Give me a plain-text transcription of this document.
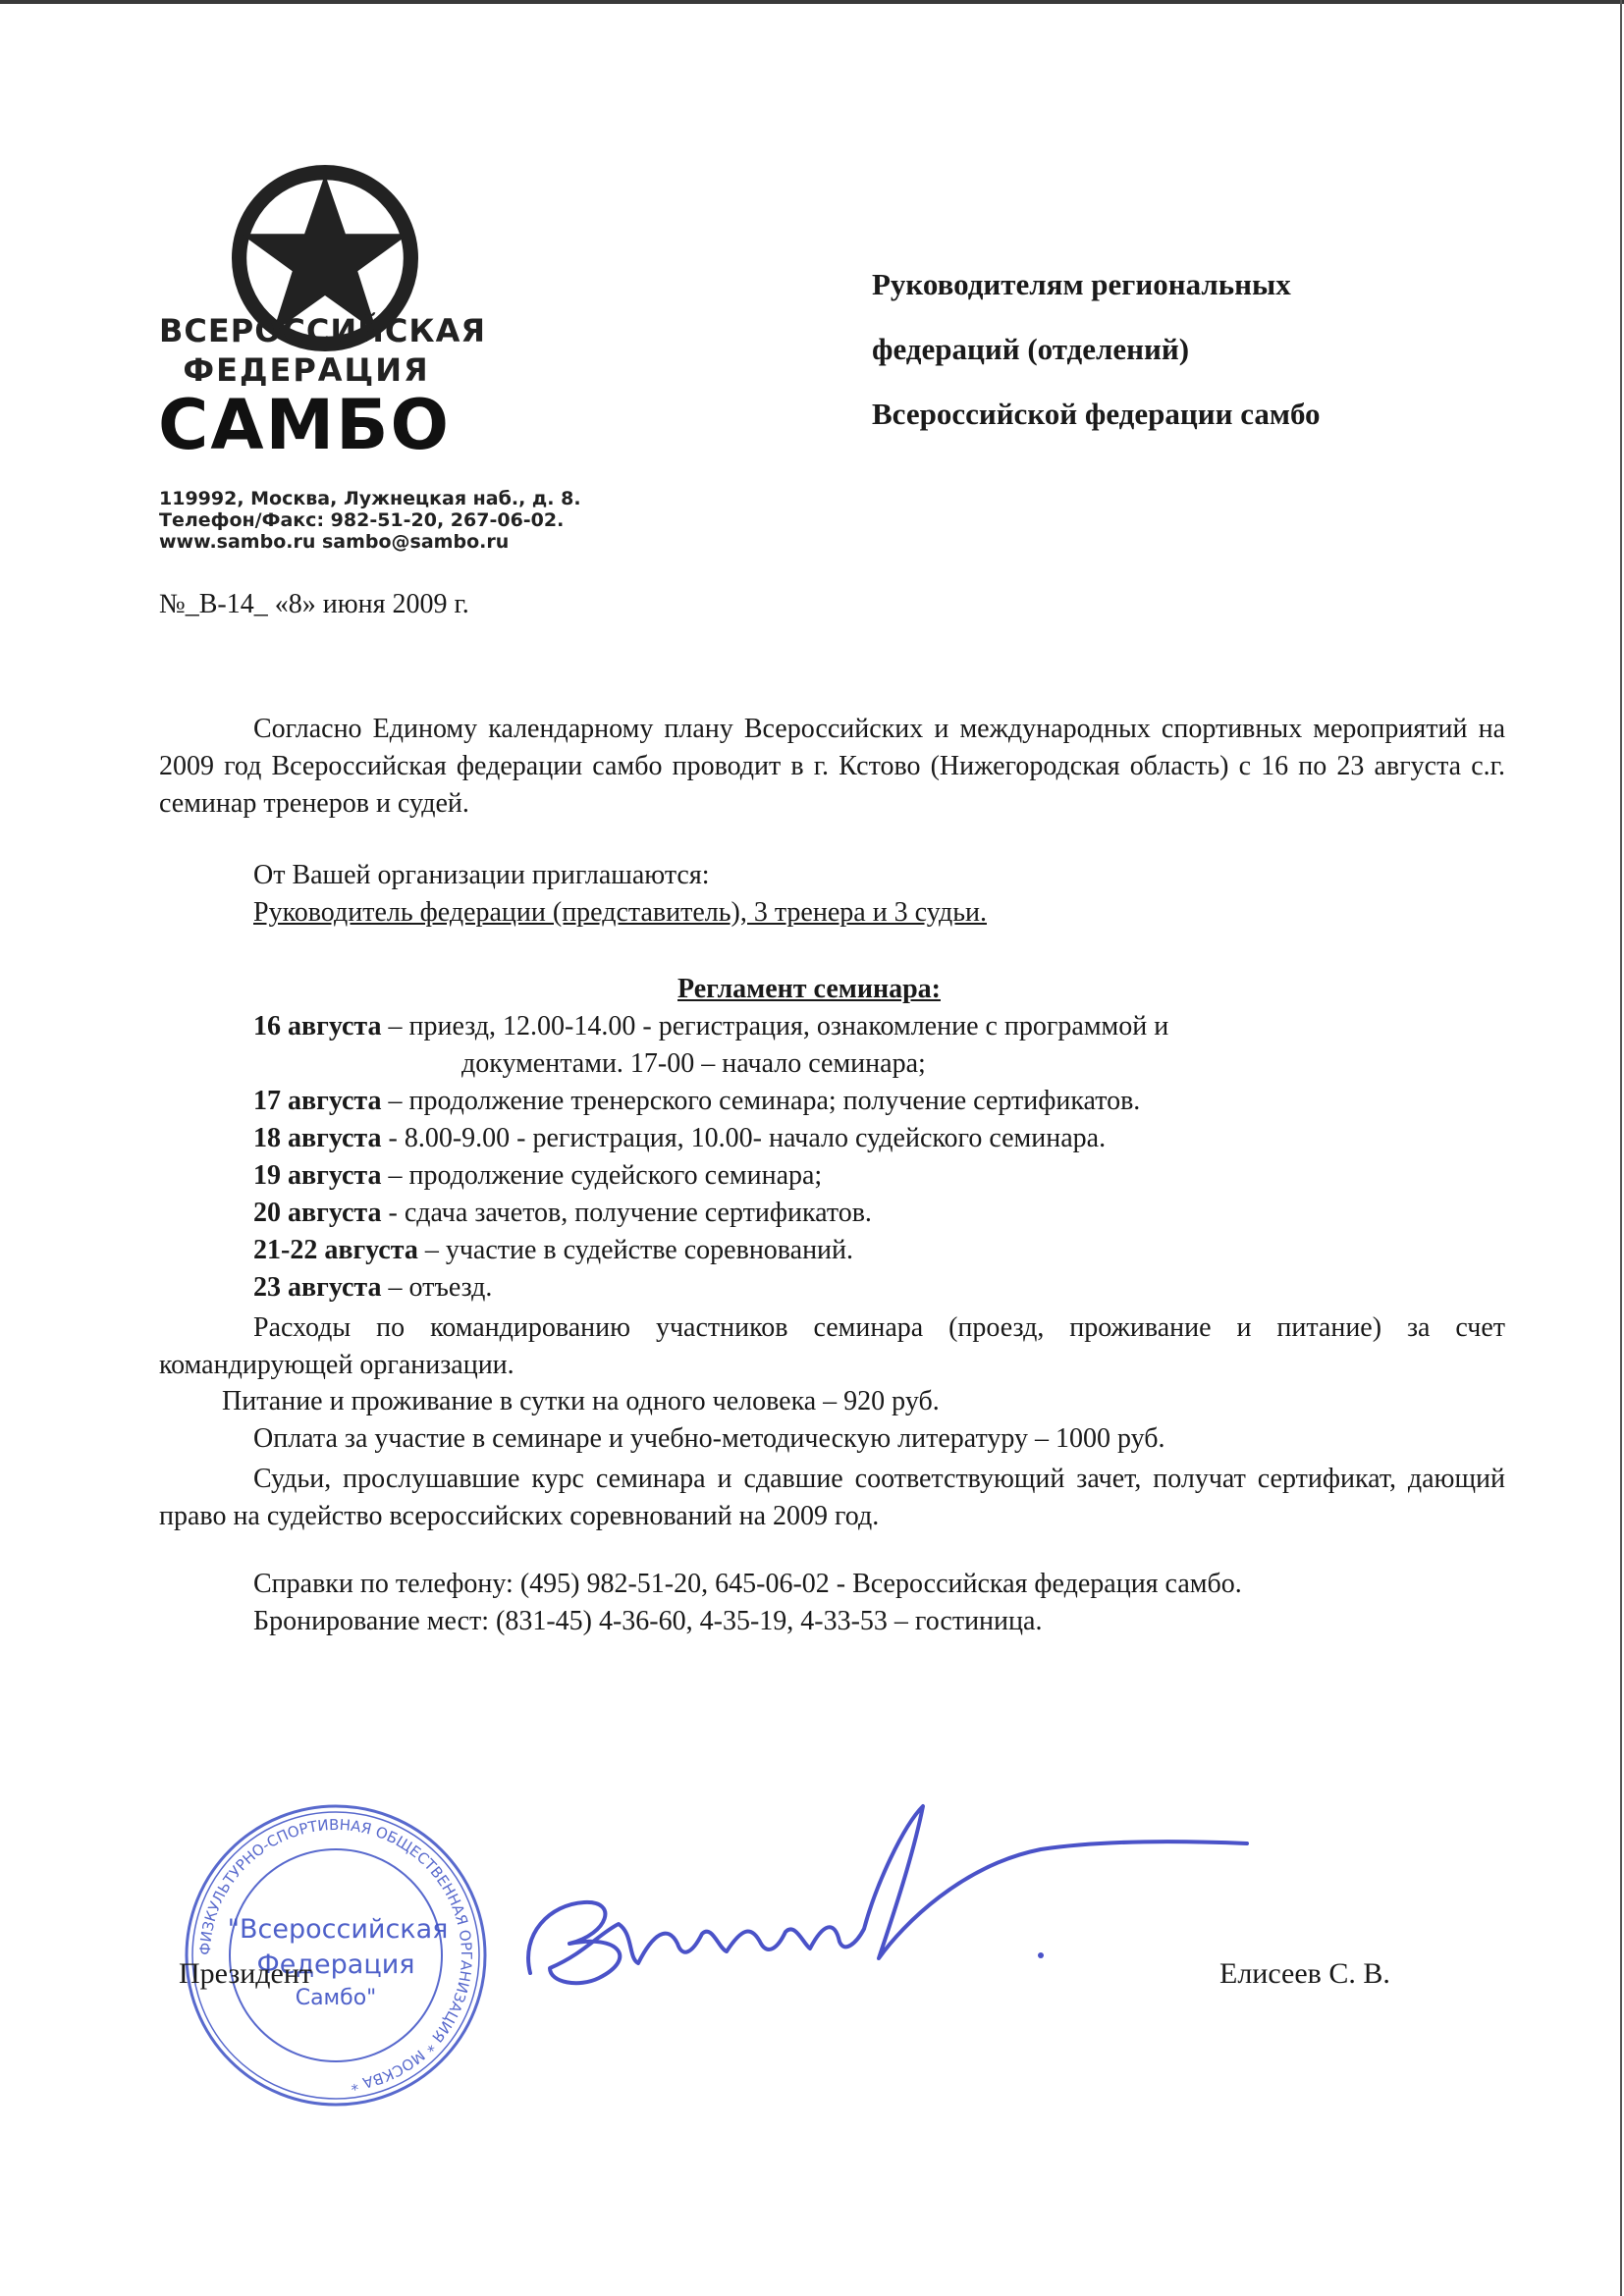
ВСЕРОССИЙСКАЯ
ФЕДЕРАЦИЯ
САМБО
119992, Москва, Лужнецкая наб., д. 8.
Телефон/Факс: 982-51-20, 267-06-02.
www.sambo.ru sambo@sambo.ru
Руководителям региональных
федераций (отделений)
Всероссийской федерации самбо
№_В-14_ «8» июня 2009 г.
Согласно Единому календарному плану Всероссийских и международных спортивных мероприятий на 2009 год Всероссийская федерации самбо проводит в г. Кстово (Нижегородская область) с 16 по 23 августа с.г. семинар тренеров и судей.
От Вашей организации приглашаются:
Руководитель федерации (представитель), 3 тренера и 3 судьи.
Регламент семинара:
16 августа – приезд, 12.00-14.00 - регистрация, ознакомление с программой и
документами. 17-00 – начало семинара;
17 августа – продолжение тренерского семинара; получение сертификатов.
18 августа - 8.00-9.00 - регистрация, 10.00- начало судейского семинара.
19 августа – продолжение судейского семинара;
20 августа - сдача зачетов, получение сертификатов.
21-22 августа – участие в судействе соревнований.
23 августа – отъезд.
Расходы по командированию участников семинара (проезд, проживание и питание) за счет командирующей организации.
Питание и проживание в сутки на одного человека – 920 руб.
Оплата за участие в семинаре и учебно-методическую литературу – 1000 руб.
Судьи, прослушавшие курс семинара и сдавшие соответствующий зачет, получат сертификат, дающий право на судейство всероссийских соревнований на 2009 год.
Справки по телефону: (495) 982-51-20, 645-06-02 - Всероссийская федерация самбо.
Бронирование мест: (831-45) 4-36-60, 4-35-19, 4-33-53 – гостиница.
ФИЗКУЛЬТУРНО-СПОРТИВНАЯ ОБЩЕСТВЕННАЯ ОРГАНИЗАЦИЯ * МОСКВА *
"Всероссийская
Федерация
Самбо"
Президент	Елисеев С. В.
